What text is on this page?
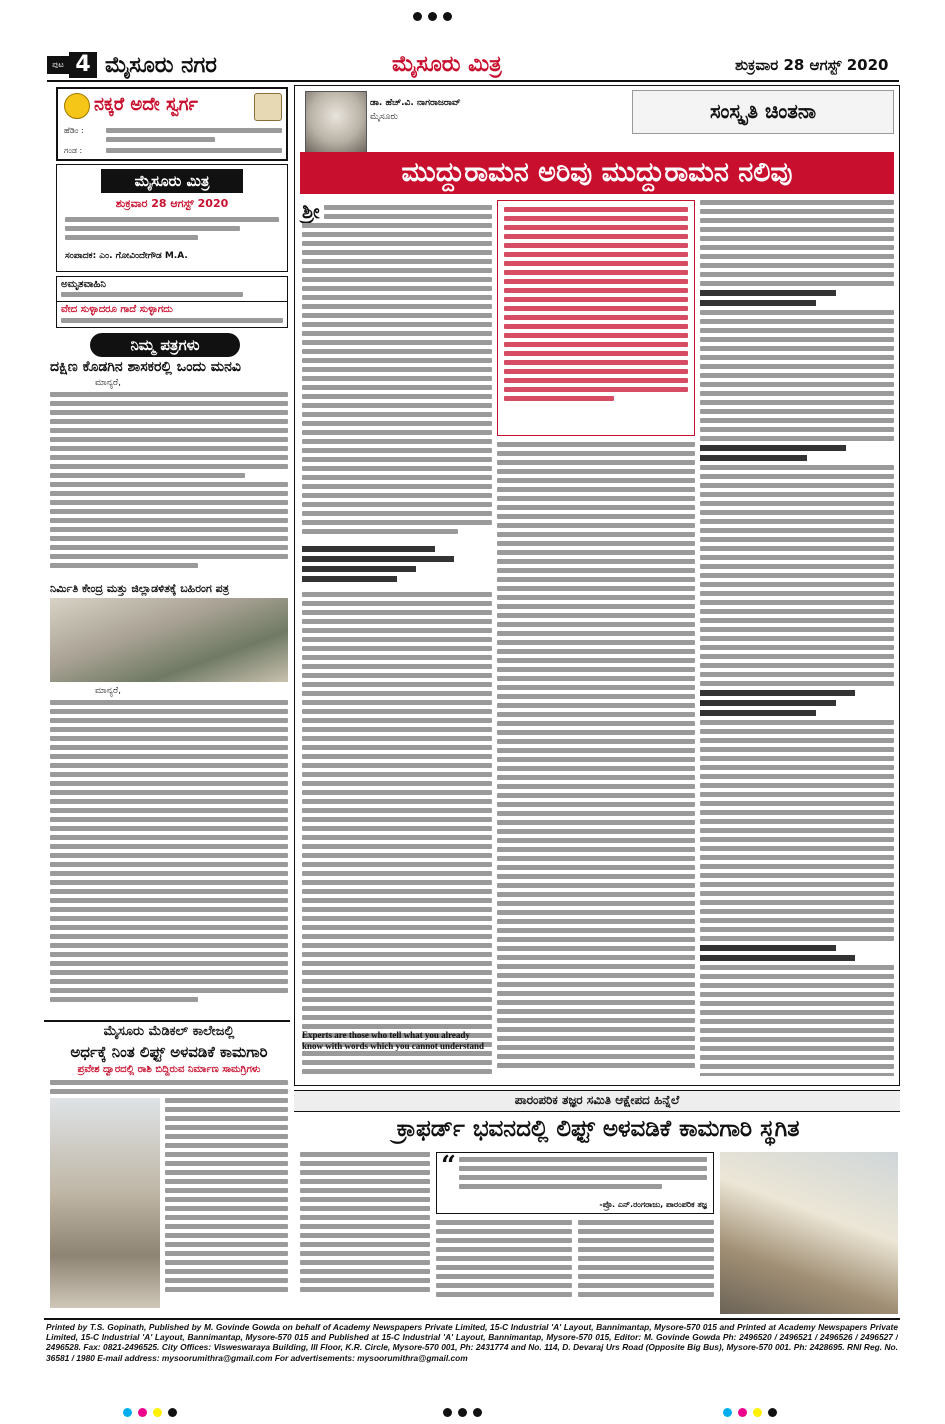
ಪುಟ 4 ಮೈಸೂರು ನಗರ	ಮೈಸೂರು ಮಿತ್ರ	ಶುಕ್ರವಾರ 28 ಆಗಸ್ಟ್ 2020
ನಕ್ಕರೆ ಅದೇ ಸ್ವರ್ಗ
ಹೆಡಿಂ :
ಗಂಡ :
ಮೈಸೂರು ಮಿತ್ರ
ಶುಕ್ರವಾರ 28 ಆಗಸ್ಟ್ 2020
ಸಂಪಾದಕ: ಎಂ. ಗೋವಿಂದೇಗೌಡ M.A.
ಅಮೃತವಾಹಿನಿ
ವೇದ ಸುಳ್ಳಾದರೂ ಗಾದೆ ಸುಳ್ಳಾಗದು
ನಿಮ್ಮ ಪತ್ರಗಳು
ದಕ್ಷಿಣ ಕೊಡಗಿನ ಶಾಸಕರಲ್ಲಿ ಒಂದು ಮನವಿ
ಮಾನ್ಯರೆ,
ನಿರ್ಮಿತಿ ಕೇಂದ್ರ ಮತ್ತು ಜಿಲ್ಲಾಡಳಿತಕ್ಕೆ ಬಹಿರಂಗ ಪತ್ರ
ಮಾನ್ಯರೆ,
ಡಾ. ಹೆಚ್.ವಿ. ನಾಗರಾಜರಾವ್
ಮೈಸೂರು	ಸಂಸ್ಕೃತಿ ಚಿಂತನಾ
ಮುದ್ದುರಾಮನ ಅರಿವು ಮುದ್ದುರಾಮನ ನಲಿವು
ಶ್ರೀ
Experts are those who tell what you already know with words which you cannot understand
ಮೈಸೂರು ಮೆಡಿಕಲ್ ಕಾಲೇಜಲ್ಲಿ
ಅರ್ಧಕ್ಕೆ ನಿಂತ ಲಿಫ್ಟ್ ಅಳವಡಿಕೆ ಕಾಮಗಾರಿ
ಪ್ರವೇಶ ದ್ವಾರದಲ್ಲಿ ರಾಶಿ ಬಿದ್ದಿರುವ ನಿರ್ಮಾಣ ಸಾಮಗ್ರಿಗಳು
ಪಾರಂಪರಿಕ ತಜ್ಞರ ಸಮಿತಿ ಆಕ್ಷೇಪದ ಹಿನ್ನೆಲೆ
ಕ್ರಾಫರ್ಡ್ ಭವನದಲ್ಲಿ ಲಿಫ್ಟ್ ಅಳವಡಿಕೆ ಕಾಮಗಾರಿ ಸ್ಥಗಿತ
“
-ಪ್ರೊ. ಎನ್.ರಂಗರಾಜು, ಪಾರಂಪರಿಕ ತಜ್ಞ
Printed by T.S. Gopinath, Published by M. Govinde Gowda on behalf of Academy Newspapers Private Limited, 15-C Industrial 'A' Layout, Bannimantap, Mysore-570 015 and Printed at Academy Newspapers Private Limited, 15-C Industrial 'A' Layout, Bannimantap, Mysore-570 015 and Published at 15-C Industrial 'A' Layout, Bannimantap, Mysore-570 015, Editor: M. Govinde Gowda Ph: 2496520 / 2496521 / 2496526 / 2496527 / 2496528. Fax: 0821-2496525. City Offices: Visweswaraya Building, III Floor, K.R. Circle, Mysore-570 001, Ph: 2431774 and No. 114, D. Devaraj Urs Road (Opposite Big Bus), Mysore-570 001. Ph: 2428695. RNI Reg. No. 36581 / 1980 E-mail address: mysoorumithra@gmail.com For advertisements: mysoorumithra@gmail.com
